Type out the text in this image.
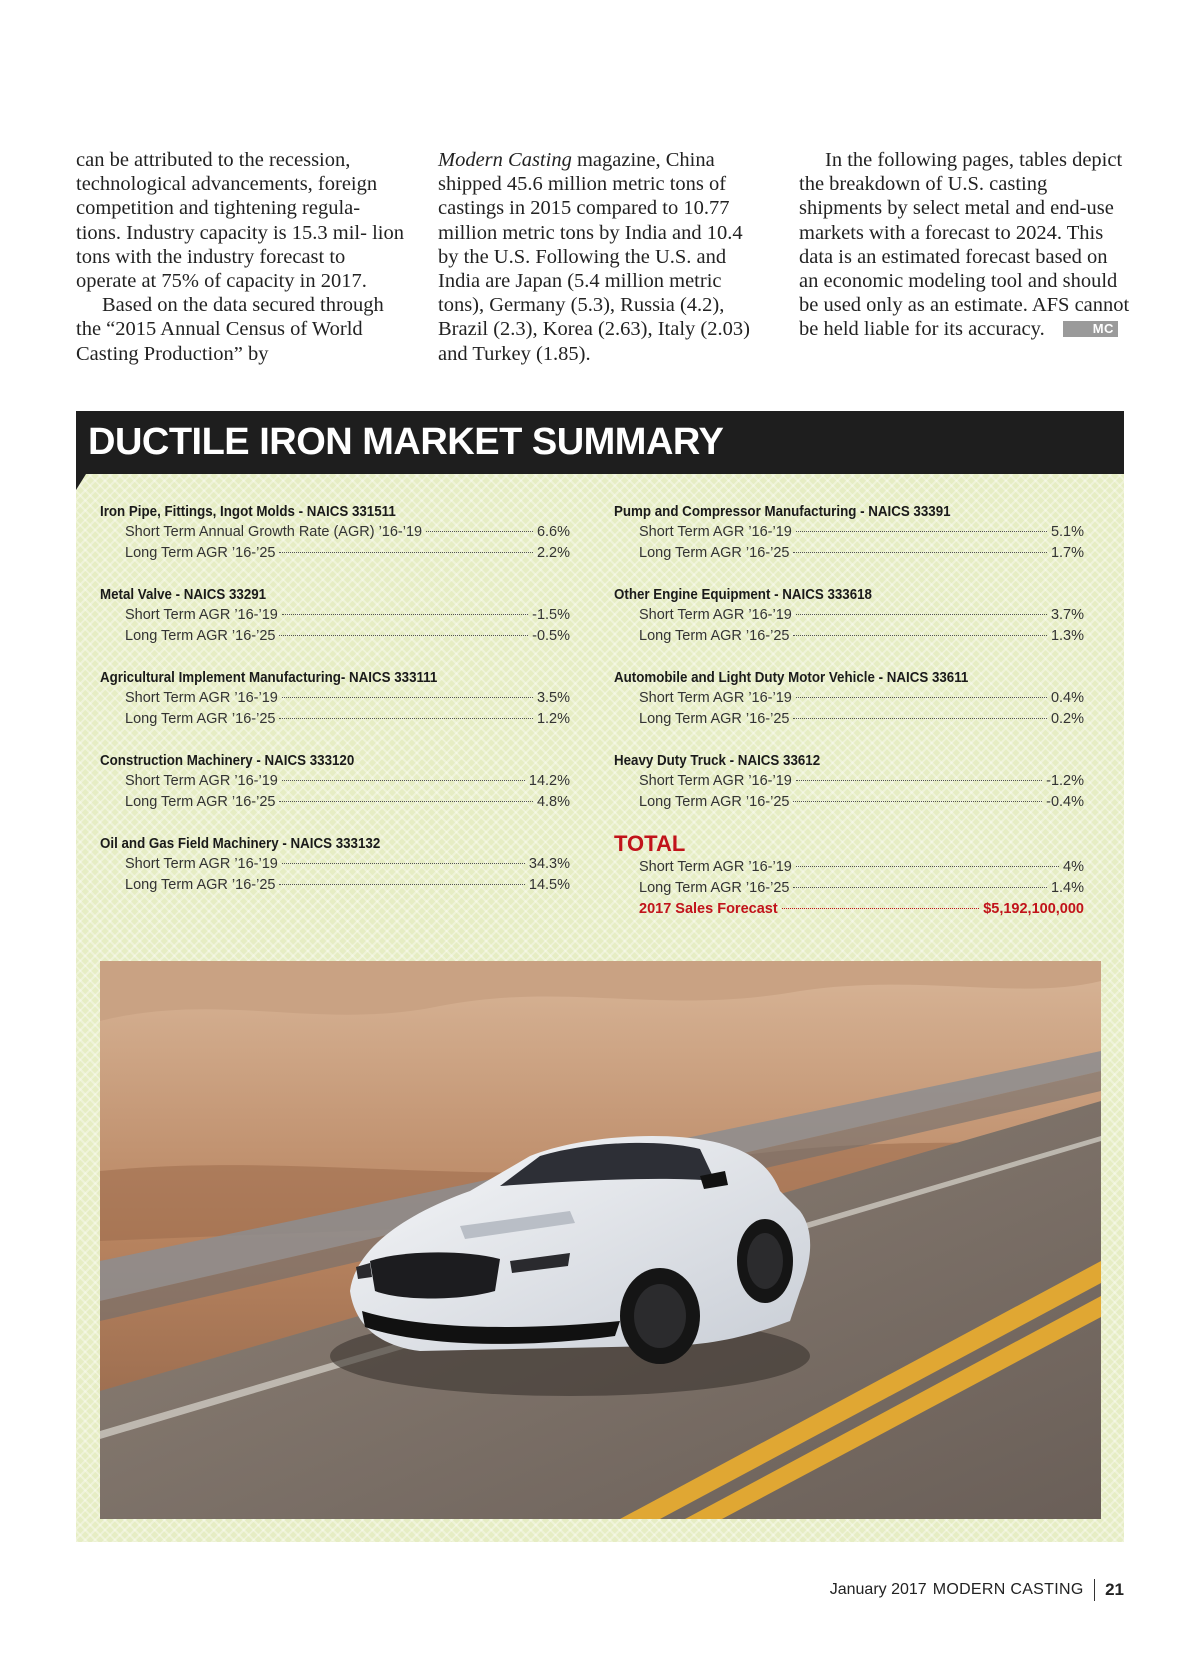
can be attributed to the recession, technological advancements, foreign competition and tightening regula- tions. Industry capacity is 15.3 mil- lion tons with the industry forecast to operate at 75% of capacity in 2017.

Based on the data secured through the “2015 Annual Census of World Casting Production” by

Modern Casting magazine, China shipped 45.6 million metric tons of castings in 2015 compared to 10.77 million metric tons by India and 10.4 by the U.S. Following the U.S. and India are Japan (5.4 million metric tons), Germany (5.3), Russia (4.2), Brazil (2.3), Korea (2.63), Italy (2.03) and Turkey (1.85).

In the following pages, tables depict the breakdown of U.S. casting shipments by select metal and end-use markets with a forecast to 2024. This data is an estimated forecast based on an economic modeling tool and should be used only as an estimate. AFS cannot be held liable for its accuracy.	MC

DUCTILE IRON MARKET SUMMARY
Iron Pipe, Fittings, Ingot Molds - NAICS 331511
Short Term Annual Growth Rate (AGR) ’16-’19	6.6%
Long Term AGR ’16-’25	2.2%
Metal Valve - NAICS 33291
Short Term AGR ’16-’19	-1.5%
Long Term AGR ’16-’25	-0.5%
Agricultural Implement Manufacturing- NAICS 333111
Short Term AGR ’16-’19	3.5%
Long Term AGR ’16-’25	1.2%
Construction Machinery - NAICS 333120
Short Term AGR ’16-’19	14.2%
Long Term AGR ’16-’25	4.8%
Oil and Gas Field Machinery - NAICS 333132
Short Term AGR ’16-’19	34.3%
Long Term AGR ’16-’25	14.5%
Pump and Compressor Manufacturing - NAICS 33391
Short Term AGR ’16-’19	5.1%
Long Term AGR ’16-’25	1.7%
Other Engine Equipment - NAICS 333618
Short Term AGR ’16-’19	3.7%
Long Term AGR ’16-’25	1.3%
Automobile and Light Duty Motor Vehicle - NAICS 33611
Short Term AGR ’16-’19	0.4%
Long Term AGR ’16-’25	0.2%
Heavy Duty Truck - NAICS 33612
Short Term AGR ’16-’19	-1.2%
Long Term AGR ’16-’25	-0.4%
TOTAL
Short Term AGR ’16-’19	4%
Long Term AGR ’16-’25	1.4%
2017 Sales Forecast	$5,192,100,000
January 2017 MODERN CASTING 21
